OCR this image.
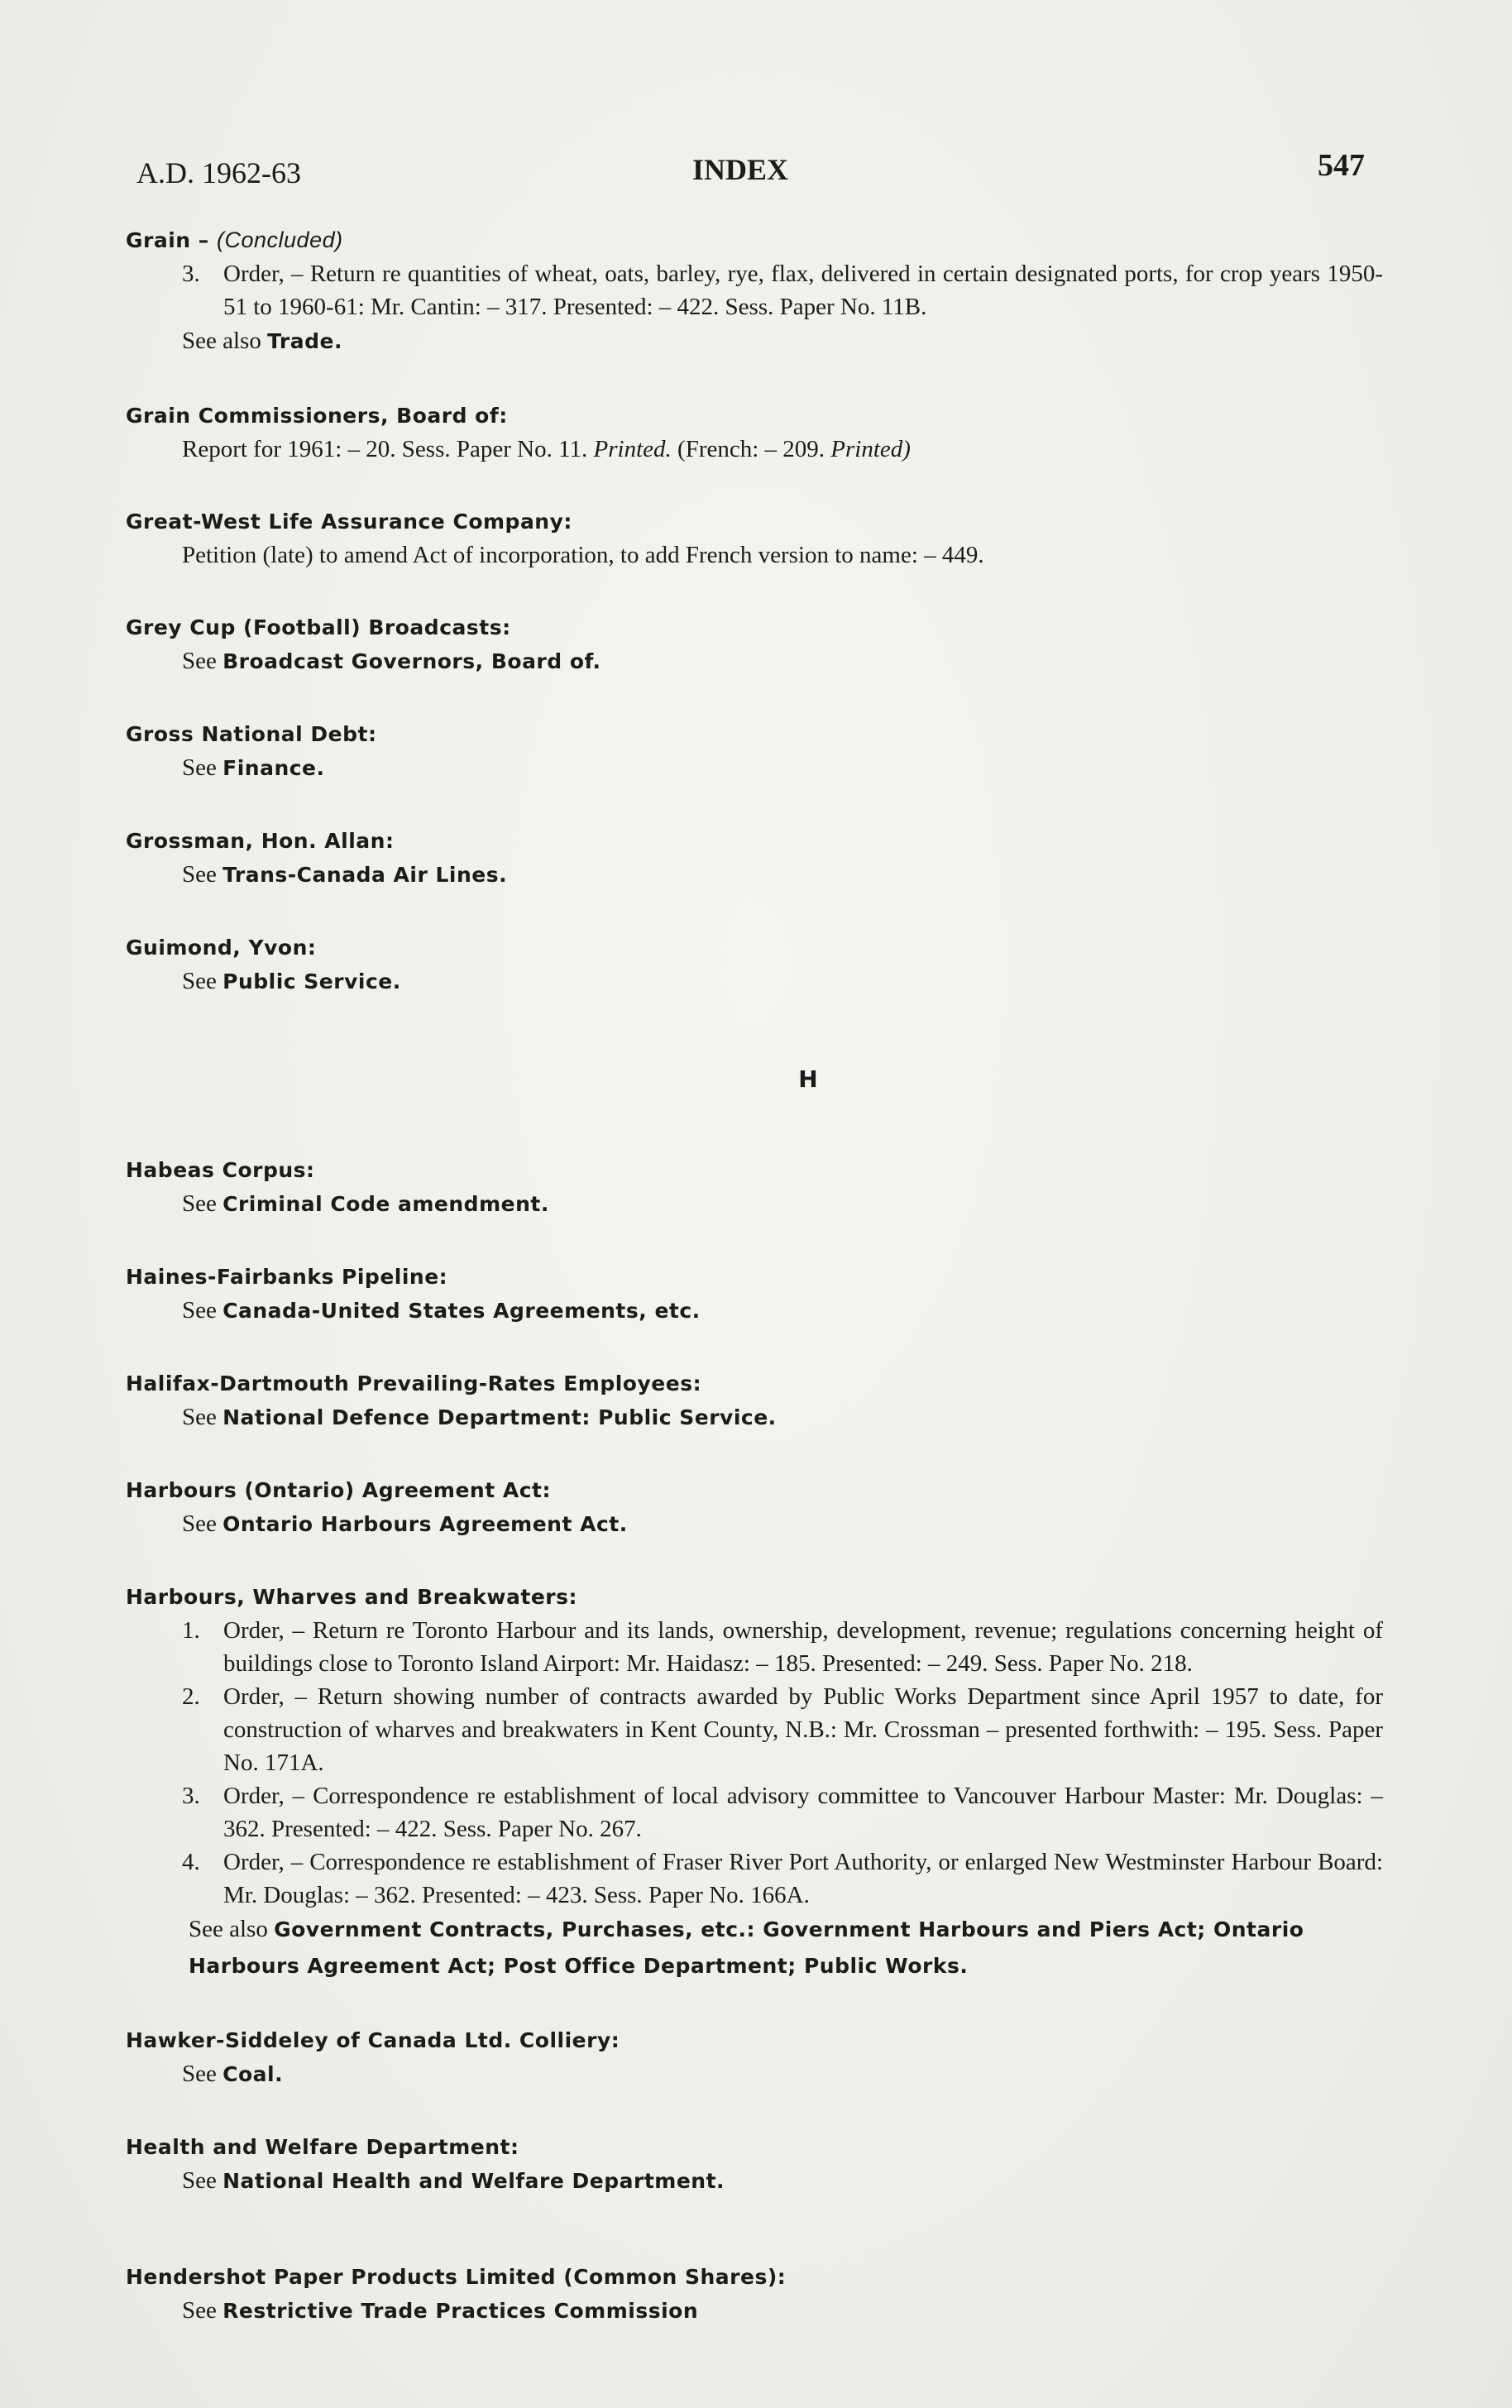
A.D. 1962-63	INDEX	547
Grain – (Concluded)
3. Order, – Return re quantities of wheat, oats, barley, rye, flax, delivered in certain designated ports, for crop years 1950-51 to 1960-61: Mr. Cantin: – 317. Presented: – 422. Sess. Paper No. 11B.
See also Trade.
Grain Commissioners, Board of:
Report for 1961: – 20. Sess. Paper No. 11. Printed. (French: – 209. Printed)
Great-West Life Assurance Company:
Petition (late) to amend Act of incorporation, to add French version to name: – 449.
Grey Cup (Football) Broadcasts:
See Broadcast Governors, Board of.
Gross National Debt:
See Finance.
Grossman, Hon. Allan:
See Trans-Canada Air Lines.
Guimond, Yvon:
See Public Service.
H
Habeas Corpus:
See Criminal Code amendment.
Haines-Fairbanks Pipeline:
See Canada-United States Agreements, etc.
Halifax-Dartmouth Prevailing-Rates Employees:
See National Defence Department: Public Service.
Harbours (Ontario) Agreement Act:
See Ontario Harbours Agreement Act.
Harbours, Wharves and Breakwaters:
1. Order, – Return re Toronto Harbour and its lands, ownership, development, revenue; regulations concerning height of buildings close to Toronto Island Airport: Mr. Haidasz: – 185. Presented: – 249. Sess. Paper No. 218.
2. Order, – Return showing number of contracts awarded by Public Works Department since April 1957 to date, for construction of wharves and breakwaters in Kent County, N.B.: Mr. Crossman – presented forthwith: – 195. Sess. Paper No. 171A.
3. Order, – Correspondence re establishment of local advisory committee to Vancouver Harbour Master: Mr. Douglas: – 362. Presented: – 422. Sess. Paper No. 267.
4. Order, – Correspondence re establishment of Fraser River Port Authority, or enlarged New Westminster Harbour Board: Mr. Douglas: – 362. Presented: – 423. Sess. Paper No. 166A.
See also Government Contracts, Purchases, etc.: Government Harbours and Piers Act; Ontario Harbours Agreement Act; Post Office Department; Public Works.
Hawker-Siddeley of Canada Ltd. Colliery:
See Coal.
Health and Welfare Department:
See National Health and Welfare Department.
Hendershot Paper Products Limited (Common Shares):
See Restrictive Trade Practices Commission
